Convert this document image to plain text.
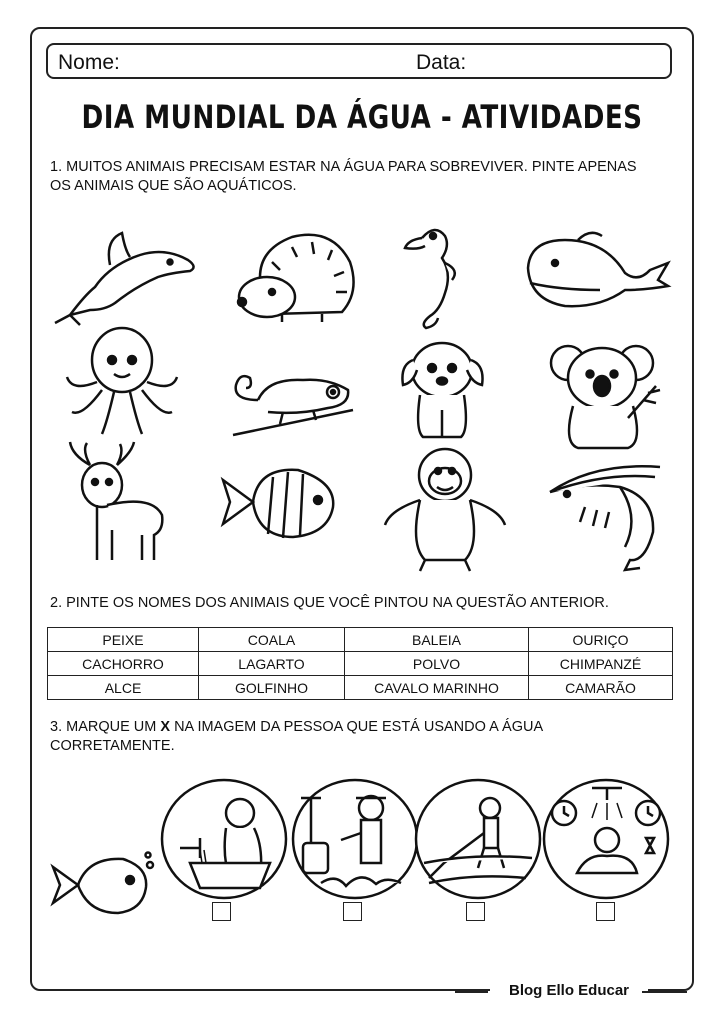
Nome:	Data:
DIA MUNDIAL DA ÁGUA - ATIVIDADES
1. MUITOS ANIMAIS PRECISAM ESTAR NA ÁGUA PARA SOBREVIVER. PINTE APENAS
OS ANIMAIS QUE SÃO AQUÁTICOS.
2. PINTE OS NOMES DOS ANIMAIS QUE VOCÊ PINTOU NA QUESTÃO ANTERIOR.
PEIXE	COALA	BALEIA	OURIÇO
CACHORRO	LAGARTO	POLVO	CHIMPANZÉ
ALCE	GOLFINHO	CAVALO MARINHO	CAMARÃO
3. MARQUE UM X NA IMAGEM DA PESSOA QUE ESTÁ USANDO A ÁGUA
CORRETAMENTE.
Blog Ello Educar
